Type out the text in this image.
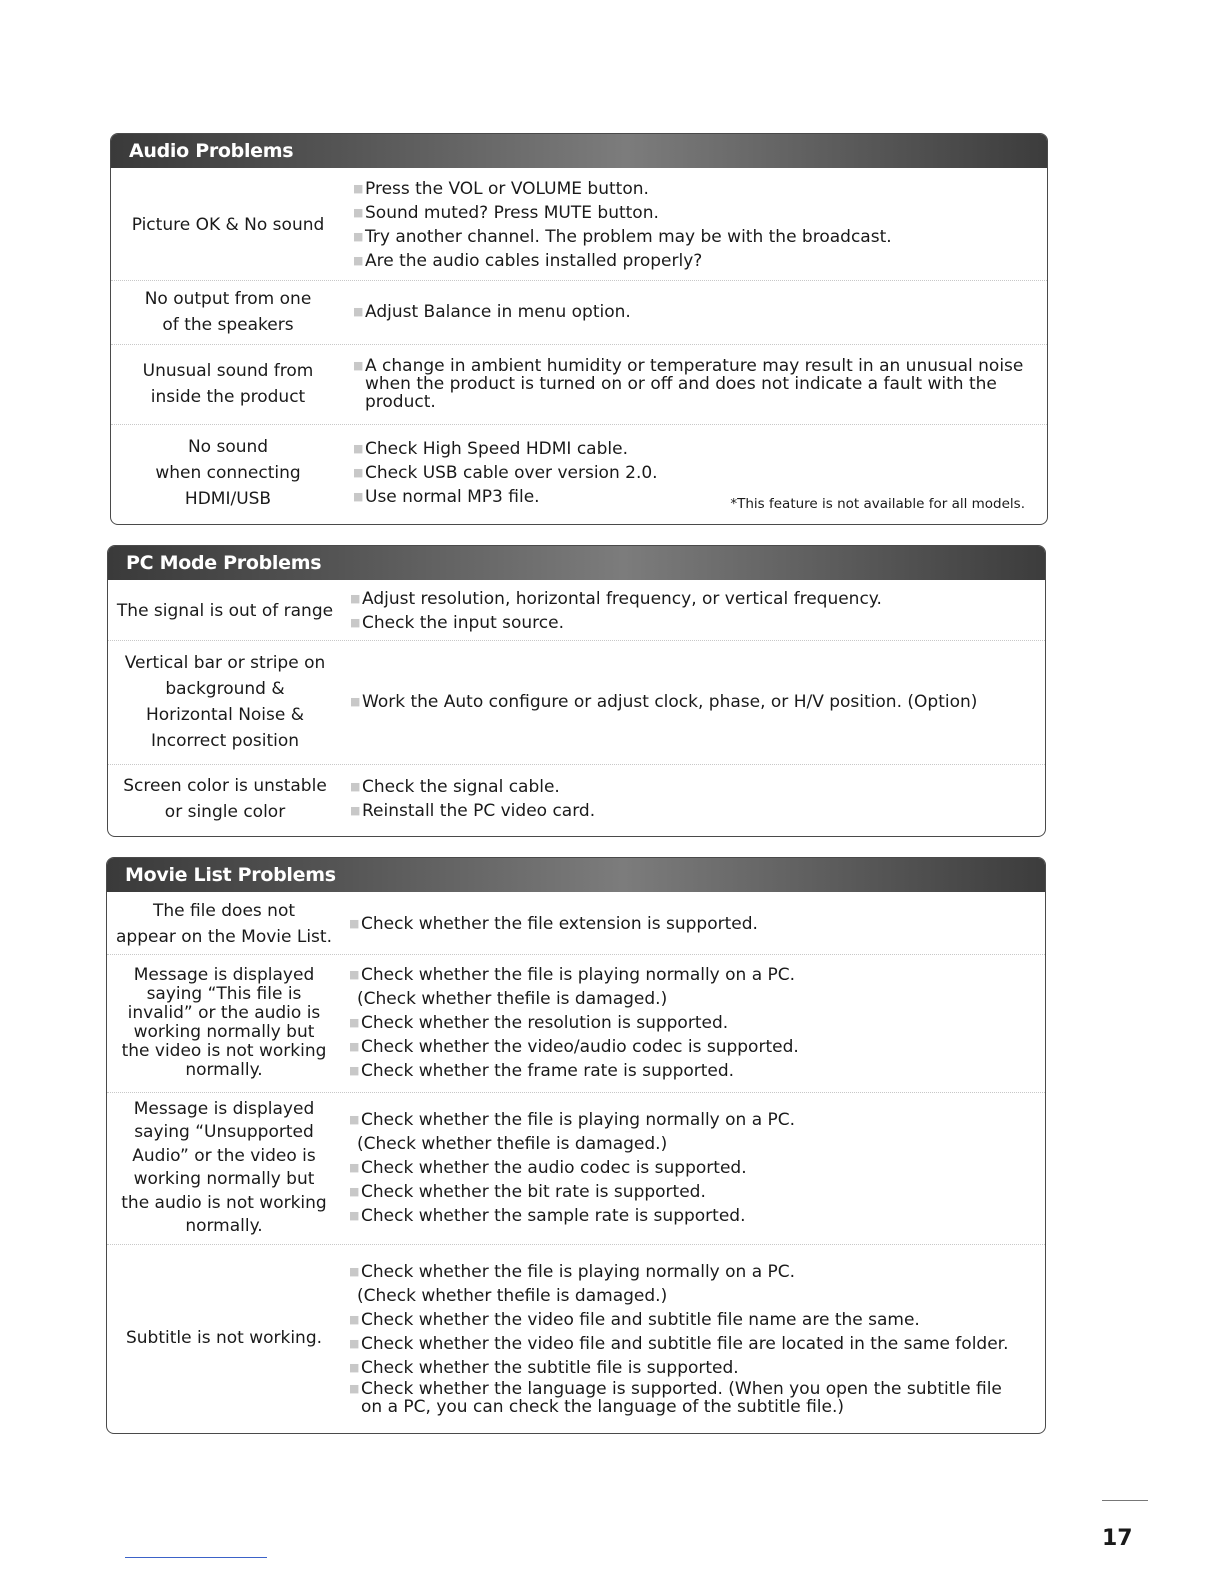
Audio Problems
Picture OK & No sound
■ Press the VOL or VOLUME button.
■ Sound muted? Press MUTE button.
■ Try another channel. The problem may be with the broadcast.
■ Are the audio cables installed properly?
No output from one
of the speakers
■ Adjust Balance in menu option.
Unusual sound from
inside the product
■ A change in ambient humidity or temperature may result in an unusual noise when the product is turned on or off and does not indicate a fault with the product.
No sound
when connecting
HDMI/USB
■ Check High Speed HDMI cable.
■ Check USB cable over version 2.0.
■ Use normal MP3 file.	*This feature is not available for all models.
PC Mode Problems
The signal is out of range
■ Adjust resolution, horizontal frequency, or vertical frequency.
■ Check the input source.
Vertical bar or stripe on
background &
Horizontal Noise &
Incorrect position
■ Work the Auto configure or adjust clock, phase, or H/V position. (Option)
Screen color is unstable
or single color
■ Check the signal cable.
■ Reinstall the PC video card.
Movie List Problems
The file does not
appear on the Movie List.
■ Check whether the file extension is supported.
Message is displayed
saying “This file is
invalid” or the audio is
working normally but
the video is not working
normally.
■ Check whether the file is playing normally on a PC.
(Check whether thefile is damaged.)
■ Check whether the resolution is supported.
■ Check whether the video/audio codec is supported.
■ Check whether the frame rate is supported.
Message is displayed
saying “Unsupported
Audio” or the video is
working normally but
the audio is not working
normally.
■ Check whether the file is playing normally on a PC.
(Check whether thefile is damaged.)
■ Check whether the audio codec is supported.
■ Check whether the bit rate is supported.
■ Check whether the sample rate is supported.
Subtitle is not working.
■ Check whether the file is playing normally on a PC.
(Check whether thefile is damaged.)
■ Check whether the video file and subtitle file name are the same.
■ Check whether the video file and subtitle file are located in the same folder.
■ Check whether the subtitle file is supported.
■ Check whether the language is supported. (When you open the subtitle file on a PC, you can check the language of the subtitle file.)
17
